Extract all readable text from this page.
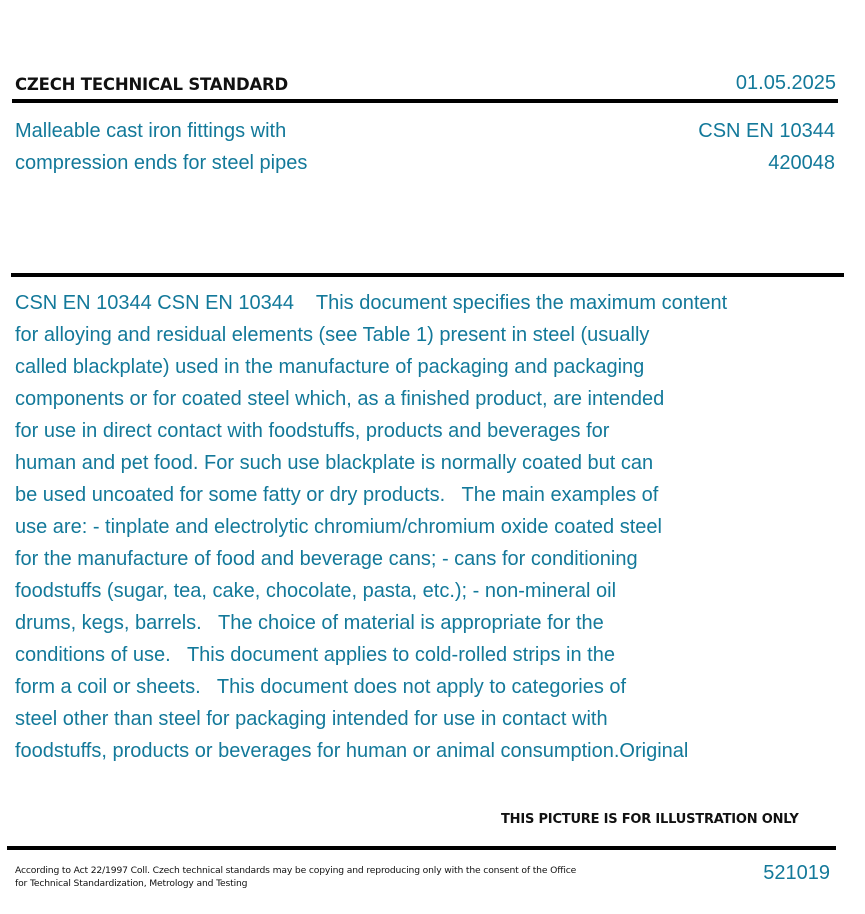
CZECH TECHNICAL STANDARD	01.05.2025
Malleable cast iron fittings with
compression ends for steel pipes
CSN EN 10344
420048
CSN EN 10344 CSN EN 10344    This document specifies the maximum content
for alloying and residual elements (see Table 1) present in steel (usually
called blackplate) used in the manufacture of packaging and packaging
components or for coated steel which, as a finished product, are intended
for use in direct contact with foodstuffs, products and beverages for
human and pet food. For such use blackplate is normally coated but can
be used uncoated for some fatty or dry products.   The main examples of
use are: - tinplate and electrolytic chromium/chromium oxide coated steel
for the manufacture of food and beverage cans; - cans for conditioning
foodstuffs (sugar, tea, cake, chocolate, pasta, etc.); - non-mineral oil
drums, kegs, barrels.   The choice of material is appropriate for the
conditions of use.   This document applies to cold-rolled strips in the
form a coil or sheets.   This document does not apply to categories of
steel other than steel for packaging intended for use in contact with
foodstuffs, products or beverages for human or animal consumption.Original
THIS PICTURE IS FOR ILLUSTRATION ONLY
According to Act 22/1997 Coll. Czech technical standards may be copying and reproducing only with the consent of the Office
for Technical Standardization, Metrology and Testing	521019
